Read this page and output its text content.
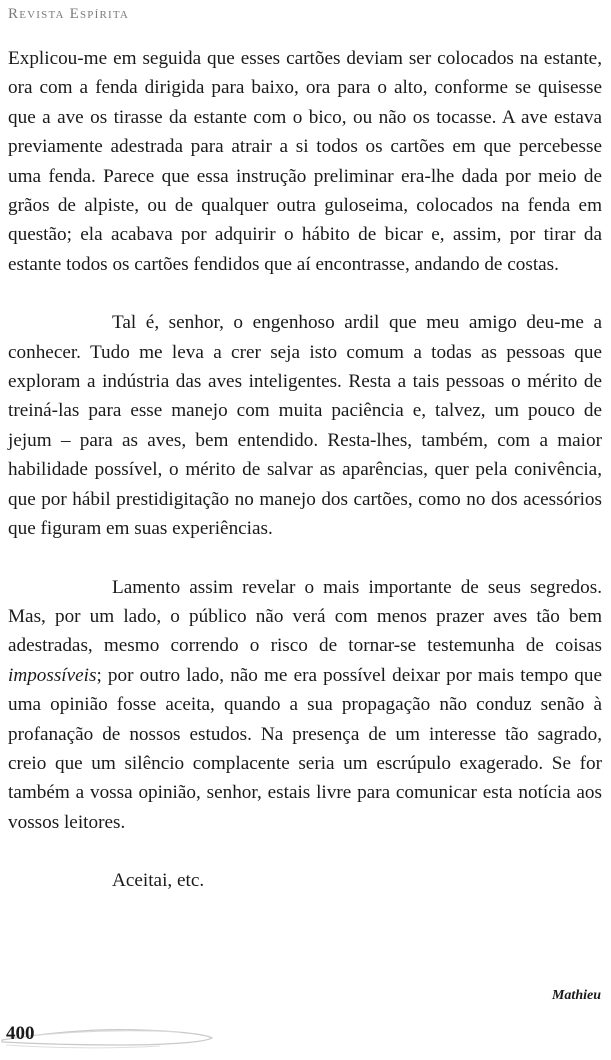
Revista Espírita

Explicou-me em seguida que esses cartões deviam ser colocados na estante, ora com a fenda dirigida para baixo, ora para o alto, conforme se quisesse que a ave os tirasse da estante com o bico, ou não os tocasse. A ave estava previamente adestrada para atrair a si todos os cartões em que percebesse uma fenda. Parece que essa instrução preliminar era-lhe dada por meio de grãos de alpiste, ou de qualquer outra guloseima, colocados na fenda em questão; ela acabava por adquirir o hábito de bicar e, assim, por tirar da estante todos os cartões fendidos que aí encontrasse, andando de costas.

Tal é, senhor, o engenhoso ardil que meu amigo deu-me a conhecer. Tudo me leva a crer seja isto comum a todas as pessoas que exploram a indústria das aves inteligentes. Resta a tais pessoas o mérito de treiná-las para esse manejo com muita paciência e, talvez, um pouco de jejum – para as aves, bem entendido. Resta-lhes, também, com a maior habilidade possível, o mérito de salvar as aparências, quer pela conivência, que por hábil prestidigitação no manejo dos cartões, como no dos acessórios que figuram em suas experiências.

Lamento assim revelar o mais importante de seus segredos. Mas, por um lado, o público não verá com menos prazer aves tão bem adestradas, mesmo correndo o risco de tornar-se testemunha de coisas impossíveis; por outro lado, não me era possível deixar por mais tempo que uma opinião fosse aceita, quando a sua propagação não conduz senão à profanação de nossos estudos. Na presença de um interesse tão sagrado, creio que um silêncio complacente seria um escrúpulo exagerado. Se for também a vossa opinião, senhor, estais livre para comunicar esta notícia aos vossos leitores.

Aceitai, etc.

Mathieu
400
